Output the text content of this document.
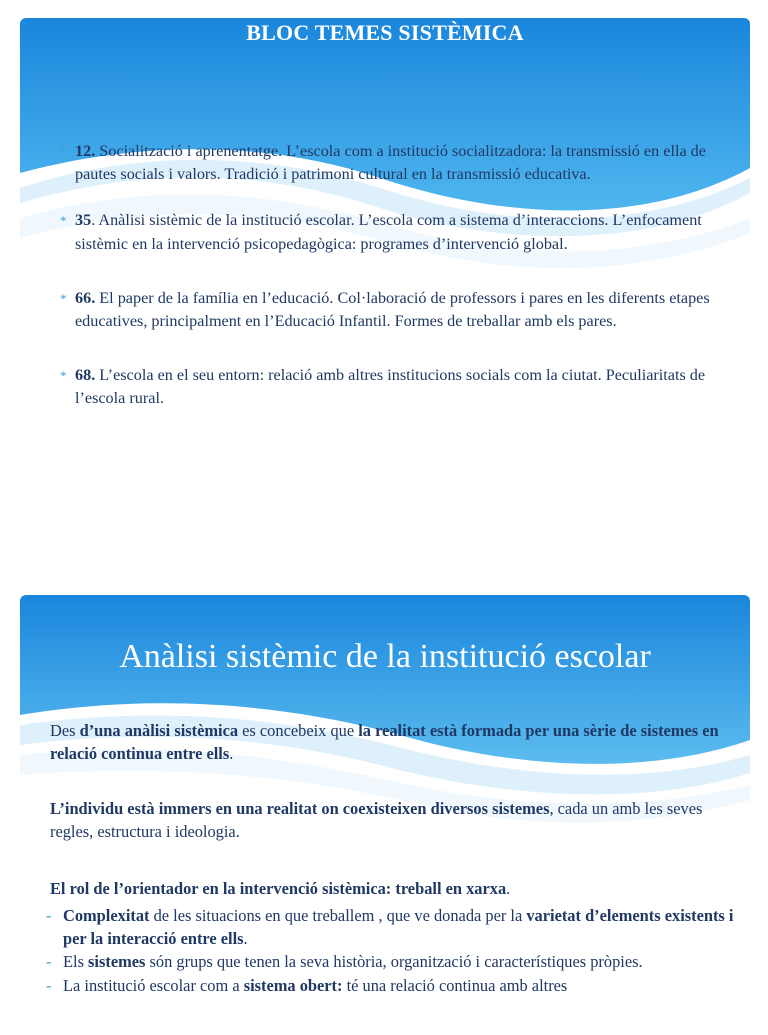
BLOC TEMES SISTÈMICA
* 12. Socialització i aprenentatge. L’escola com a institució socialitzadora: la transmissió en ella de pautes socials i valors. Tradició i patrimoni cultural en la transmissió educativa.
* 35. Anàlisi sistèmic de la institució escolar. L’escola com a sistema d’interaccions. L’enfocament sistèmic en la intervenció psicopedagògica: programes d’intervenció global.
* 66. El paper de la família en l’educació. Col·laboració de professors i pares en les diferents etapes educatives, principalment en l’Educació Infantil. Formes de treballar amb els pares.
* 68. L’escola en el seu entorn: relació amb altres institucions socials com la ciutat. Peculiaritats de l’escola rural.
Anàlisi sistèmic de la institució escolar
Des d’una anàlisi sistèmica es concebeix que la realitat està formada per una sèrie de sistemes en relació continua entre ells.
L’individu està immers en una realitat on coexisteixen diversos sistemes, cada un amb les seves regles, estructura i ideologia.
El rol de l’orientador en la intervenció sistèmica: treball en xarxa.
- Complexitat de les situacions en que treballem , que ve donada per la varietat d’elements existents i per la interacció entre ells.
- Els sistemes són grups que tenen la seva història, organització i característiques pròpies.
- La institució escolar com a sistema obert: té una relació continua amb altres
